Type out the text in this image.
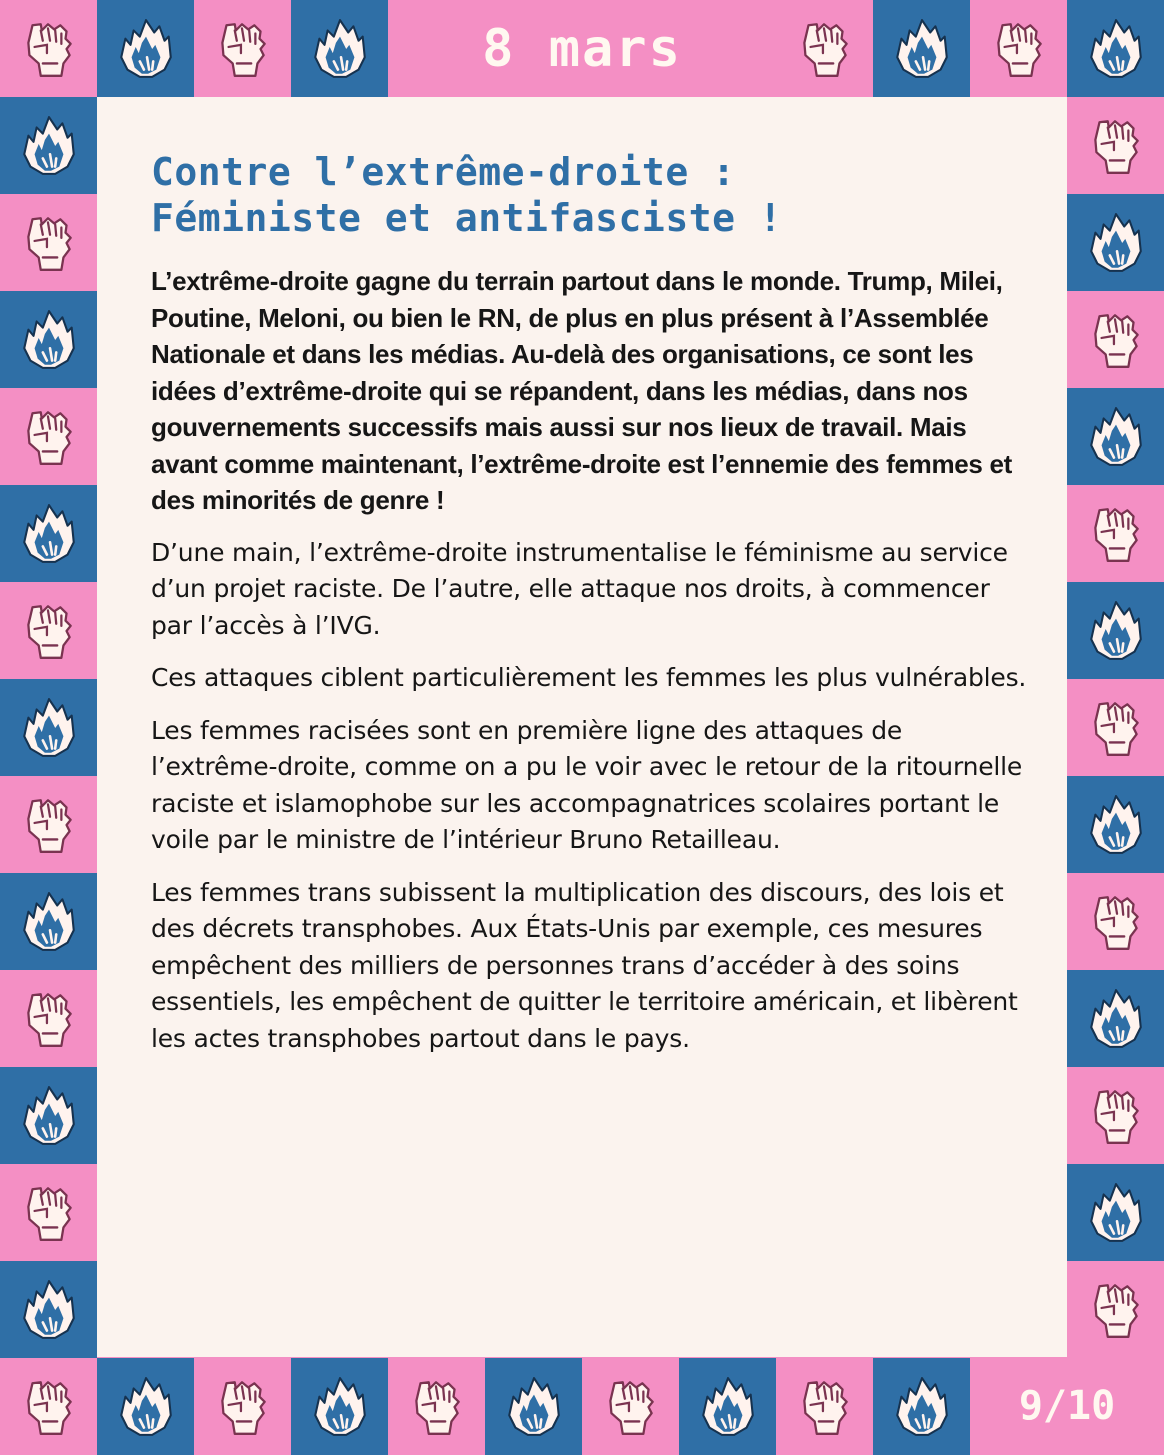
8 mars
9/10
Contre l’extrême-droite :
Féministe et antifasciste !

L’extrême-droite gagne du terrain partout dans le monde. Trump, Milei, Poutine, Meloni, ou bien le RN, de plus en plus présent à l’Assemblée Nationale et dans les médias. Au-delà des organisations, ce sont les idées d’extrême-droite qui se répandent, dans les médias, dans nos gouvernements successifs mais aussi sur nos lieux de travail. Mais avant comme maintenant, l’extrême-droite est l’ennemie des femmes et des minorités de genre !

D’une main, l’extrême-droite instrumentalise le féminisme au service d’un projet raciste. De l’autre, elle attaque nos droits, à commencer par l’accès à l’IVG.

Ces attaques ciblent particulièrement les femmes les plus vulnérables.

Les femmes racisées sont en première ligne des attaques de l’extrême-droite, comme on a pu le voir avec le retour de la ritournelle raciste et islamophobe sur les accompagnatrices scolaires portant le voile par le ministre de l’intérieur Bruno Retailleau.

Les femmes trans subissent la multiplication des discours, des lois et des décrets transphobes. Aux États-Unis par exemple, ces mesures empêchent des milliers de personnes trans d’accéder à des soins essentiels, les empêchent de quitter le territoire américain, et libèrent les actes transphobes partout dans le pays.
